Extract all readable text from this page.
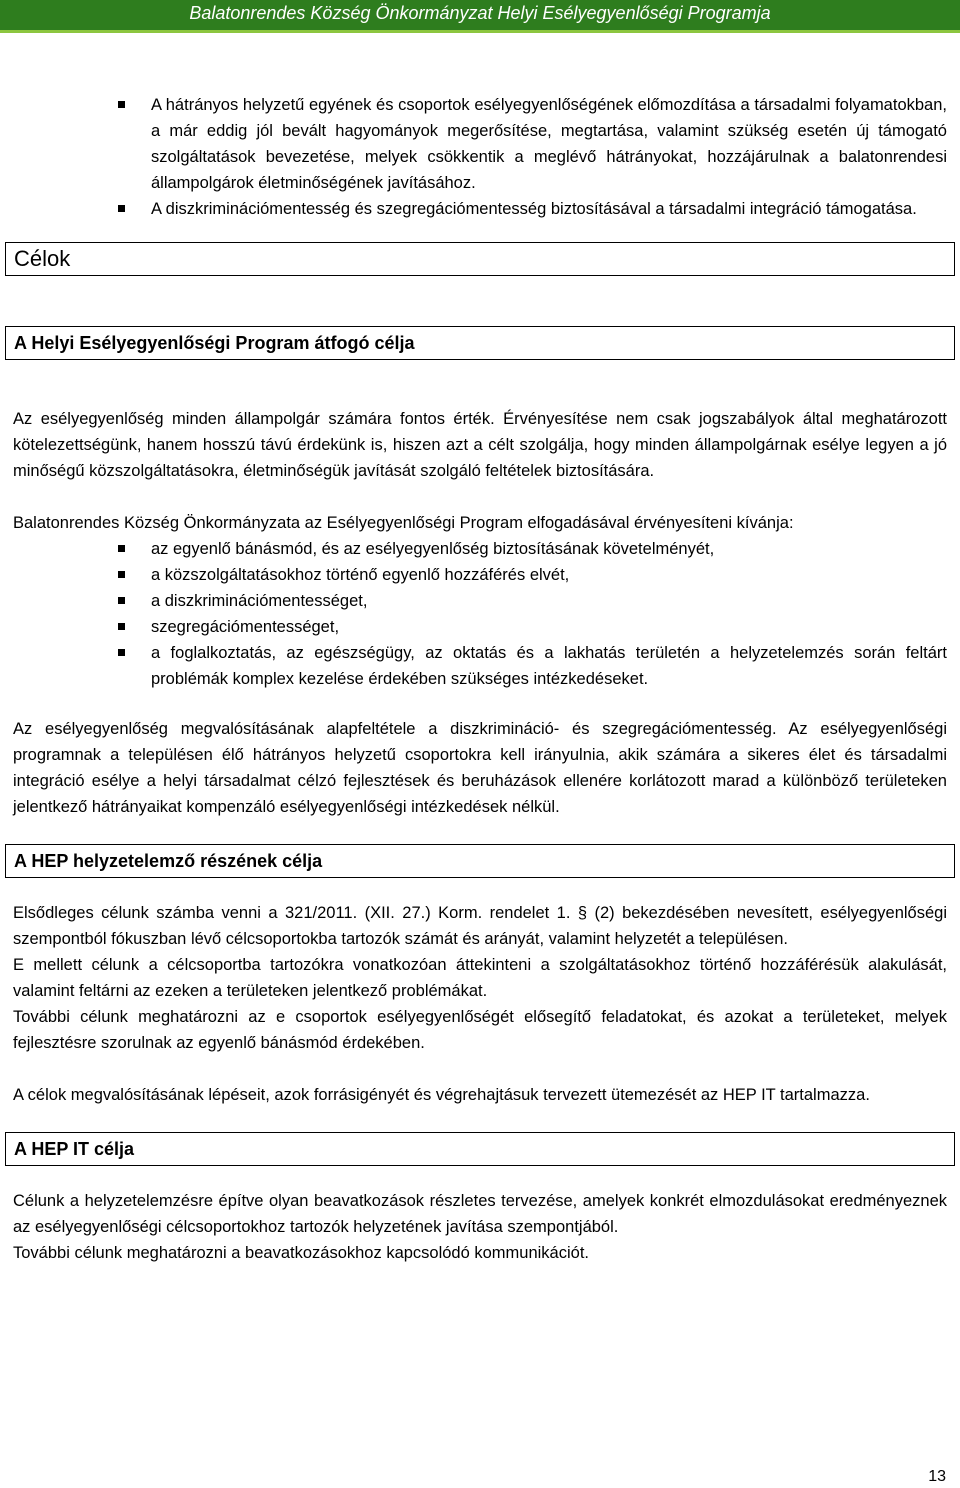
Balatonrendes Község Önkormányzat Helyi Esélyegyenlőségi Programja
A hátrányos helyzetű egyének és csoportok esélyegyenlőségének előmozdítása a társadalmi folyamatokban, a már eddig jól bevált hagyományok megerősítése, megtartása, valamint szükség esetén új támogató szolgáltatások bevezetése, melyek csökkentik a meglévő hátrányokat, hozzájárulnak a balatonrendesi állampolgárok életminőségének javításához.
A diszkriminációmentesség és szegregációmentesség biztosításával a társadalmi integráció támogatása.
Célok
A Helyi Esélyegyenlőségi Program átfogó célja

Az esélyegyenlőség minden állampolgár számára fontos érték. Érvényesítése nem csak jogszabályok által meghatározott kötelezettségünk, hanem hosszú távú érdekünk is, hiszen azt a célt szolgálja, hogy minden állampolgárnak esélye legyen a jó minőségű közszolgáltatásokra, életminőségük javítását szolgáló feltételek biztosítására.

Balatonrendes Község Önkormányzata az Esélyegyenlőségi Program elfogadásával érvényesíteni kívánja:

az egyenlő bánásmód, és az esélyegyenlőség biztosításának követelményét,
a közszolgáltatásokhoz történő egyenlő hozzáférés elvét,
a diszkriminációmentességet,
szegregációmentességet,
a foglalkoztatás, az egészségügy, az oktatás és a lakhatás területén a helyzetelemzés során feltárt problémák komplex kezelése érdekében szükséges intézkedéseket.

Az esélyegyenlőség megvalósításának alapfeltétele a diszkrimináció- és szegregációmentesség. Az esélyegyenlőségi programnak a településen élő hátrányos helyzetű csoportokra kell irányulnia, akik számára a sikeres élet és társadalmi integráció esélye a helyi társadalmat célzó fejlesztések és beruházások ellenére korlátozott marad a különböző területeken jelentkező hátrányaikat kompenzáló esélyegyenlőségi intézkedések nélkül.

A HEP helyzetelemző részének célja

Elsődleges célunk számba venni a 321/2011. (XII. 27.) Korm. rendelet 1. § (2) bekezdésében nevesített, esélyegyenlőségi szempontból fókuszban lévő célcsoportokba tartozók számát és arányát, valamint helyzetét a településen.

E mellett célunk a célcsoportba tartozókra vonatkozóan áttekinteni a szolgáltatásokhoz történő hozzáférésük alakulását, valamint feltárni az ezeken a területeken jelentkező problémákat.

További célunk meghatározni az e csoportok esélyegyenlőségét elősegítő feladatokat, és azokat a területeket, melyek fejlesztésre szorulnak az egyenlő bánásmód érdekében.

A célok megvalósításának lépéseit, azok forrásigényét és végrehajtásuk tervezett ütemezését az HEP IT tartalmazza.

A HEP IT célja

Célunk a helyzetelemzésre építve olyan beavatkozások részletes tervezése, amelyek konkrét elmozdulásokat eredményeznek az esélyegyenlőségi célcsoportokhoz tartozók helyzetének javítása szempontjából.

További célunk meghatározni a beavatkozásokhoz kapcsolódó kommunikációt.

13
